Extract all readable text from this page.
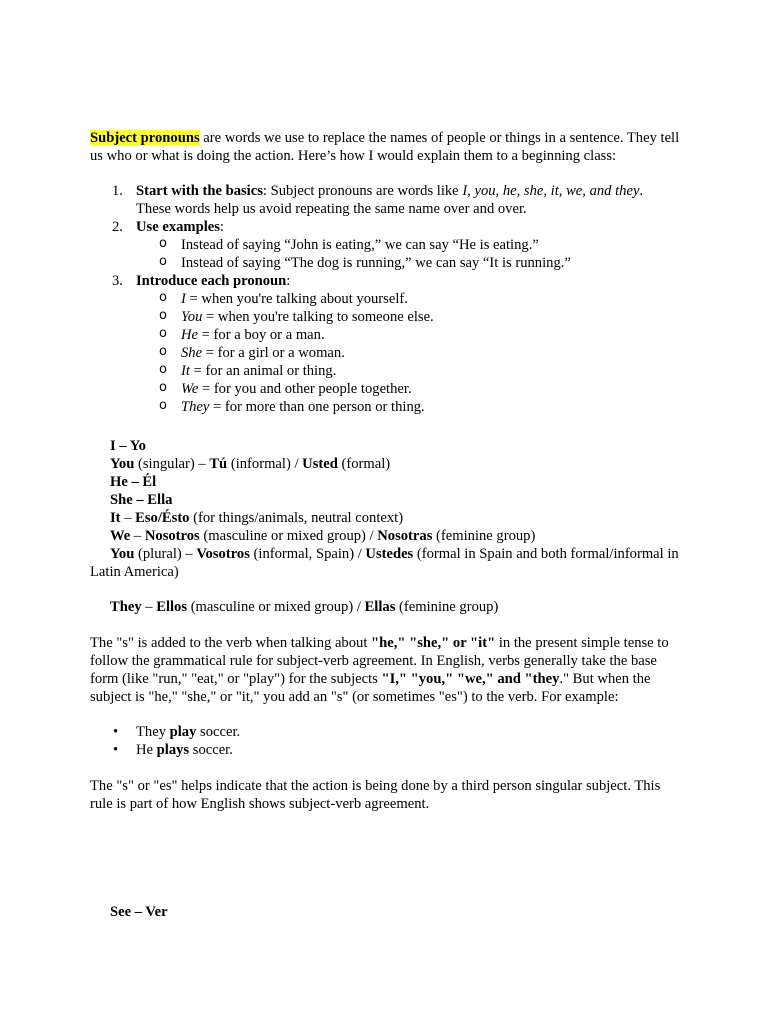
Subject pronouns are words we use to replace the names of people or things in a sentence. They tell us who or what is doing the action. Here’s how I would explain them to a beginning class:

1. Start with the basics: Subject pronouns are words like I, you, he, she, it, we, and they. These words help us avoid repeating the same name over and over.
2. Use examples:
o Instead of saying “John is eating,” we can say “He is eating.”
o Instead of saying “The dog is running,” we can say “It is running.”
3. Introduce each pronoun:
o I = when you're talking about yourself.
o You = when you're talking to someone else.
o He = for a boy or a man.
o She = for a girl or a woman.
o It = for an animal or thing.
o We = for you and other people together.
o They = for more than one person or thing.
I – Yo
You (singular) – Tú (informal) / Usted (formal)
He – Él
She – Ella
It – Eso/Ésto (for things/animals, neutral context)
We – Nosotros (masculine or mixed group) / Nosotras (feminine group)
You (plural) – Vosotros (informal, Spain) / Ustedes (formal in Spain and both formal/informal in Latin America)
They – Ellos (masculine or mixed group) / Ellas (feminine group)

The "s" is added to the verb when talking about "he," "she," or "it" in the present simple tense to follow the grammatical rule for subject-verb agreement. In English, verbs generally take the base form (like "run," "eat," or "play") for the subjects "I," "you," "we," and "they." But when the subject is "he," "she," or "it," you add an "s" (or sometimes "es") to the verb. For example:

• They play soccer.
• He plays soccer.

The "s" or "es" helps indicate that the action is being done by a third person singular subject. This rule is part of how English shows subject-verb agreement.

See – Ver
